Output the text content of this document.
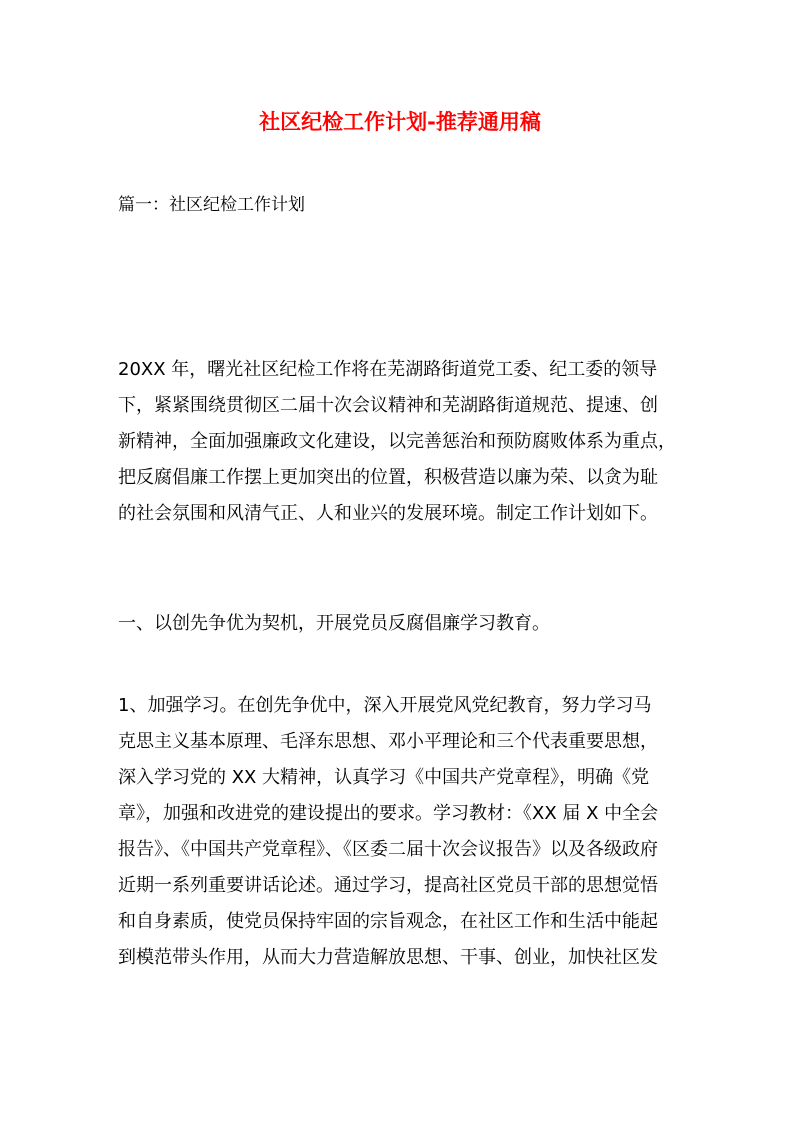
社区纪检工作计划-推荐通用稿
篇一：社区纪检工作计划
20XX 年，曙光社区纪检工作将在芜湖路街道党工委、纪工委的领导
下，紧紧围绕贯彻区二届十次会议精神和芜湖路街道规范、提速、创
新精神，全面加强廉政文化建设，以完善惩治和预防腐败体系为重点，
把反腐倡廉工作摆上更加突出的位置，积极营造以廉为荣、以贪为耻
的社会氛围和风清气正、人和业兴的发展环境。制定工作计划如下。
一、以创先争优为契机，开展党员反腐倡廉学习教育。
1、加强学习。在创先争优中，深入开展党风党纪教育，努力学习马
克思主义基本原理、毛泽东思想、邓小平理论和三个代表重要思想，
深入学习党的 XX 大精神，认真学习《中国共产党章程》，明确《党
章》，加强和改进党的建设提出的要求。学习教材：《XX 届 X 中全会
报告》、《中国共产党章程》、《区委二届十次会议报告》以及各级政府
近期一系列重要讲话论述。通过学习，提高社区党员干部的思想觉悟
和自身素质，使党员保持牢固的宗旨观念，在社区工作和生活中能起
到模范带头作用，从而大力营造解放思想、干事、创业，加快社区发
